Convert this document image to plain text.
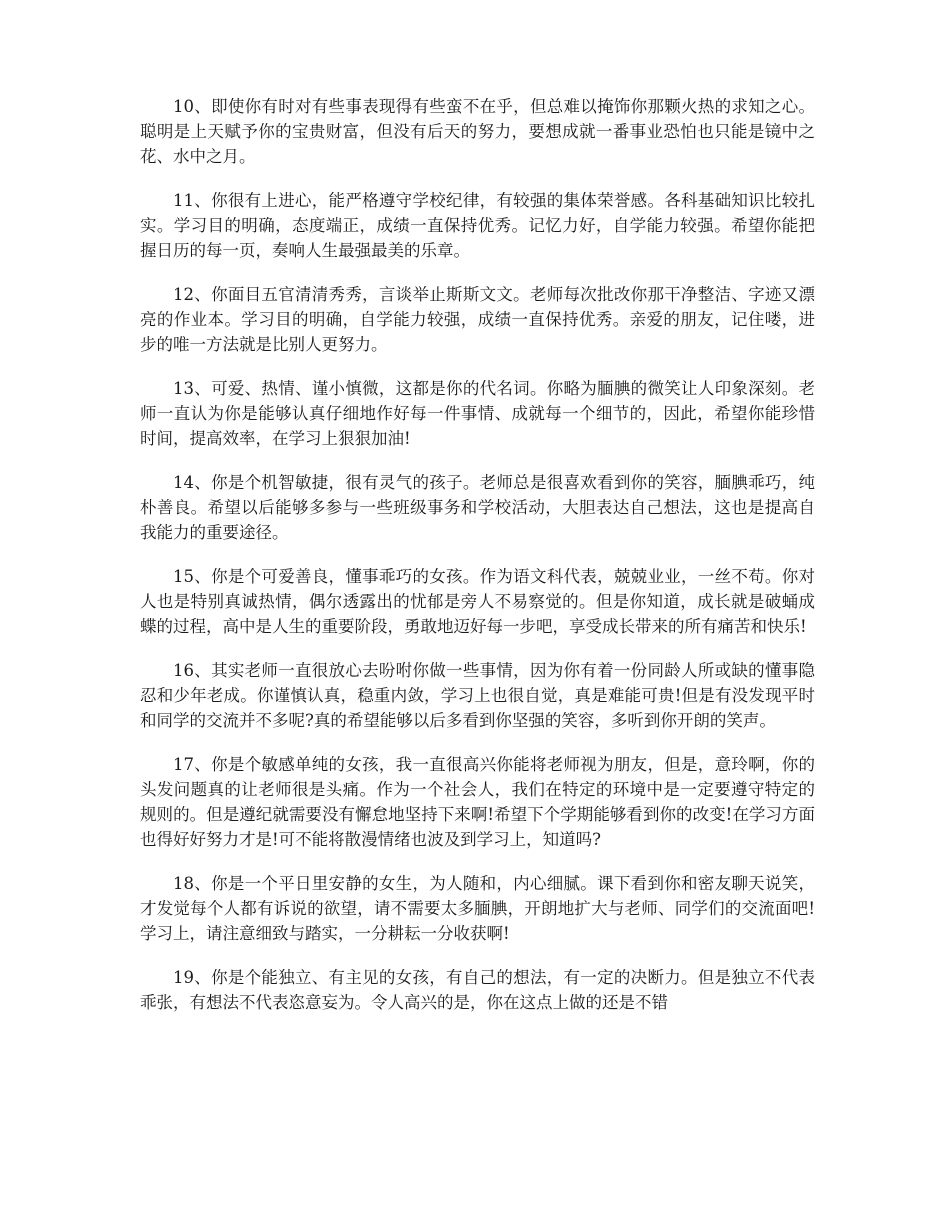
10、即使你有时对有些事表现得有些蛮不在乎，但总难以掩饰你那颗火热的求知之心。聪明是上天赋予你的宝贵财富，但没有后天的努力，要想成就一番事业恐怕也只能是镜中之花、水中之月。

11、你很有上进心，能严格遵守学校纪律，有较强的集体荣誉感。各科基础知识比较扎实。学习目的明确，态度端正，成绩一直保持优秀。记忆力好，自学能力较强。希望你能把握日历的每一页，奏响人生最强最美的乐章。

12、你面目五官清清秀秀，言谈举止斯斯文文。老师每次批改你那干净整洁、字迹又漂亮的作业本。学习目的明确，自学能力较强，成绩一直保持优秀。亲爱的朋友，记住喽，进步的唯一方法就是比别人更努力。

13、可爱、热情、谨小慎微，这都是你的代名词。你略为腼腆的微笑让人印象深刻。老师一直认为你是能够认真仔细地作好每一件事情、成就每一个细节的，因此，希望你能珍惜时间，提高效率，在学习上狠狠加油!

14、你是个机智敏捷，很有灵气的孩子。老师总是很喜欢看到你的笑容，腼腆乖巧，纯朴善良。希望以后能够多参与一些班级事务和学校活动，大胆表达自己想法，这也是提高自我能力的重要途径。

15、你是个可爱善良，懂事乖巧的女孩。作为语文科代表，兢兢业业，一丝不苟。你对人也是特别真诚热情，偶尔透露出的忧郁是旁人不易察觉的。但是你知道，成长就是破蛹成蝶的过程，高中是人生的重要阶段，勇敢地迈好每一步吧，享受成长带来的所有痛苦和快乐!

16、其实老师一直很放心去吩咐你做一些事情，因为你有着一份同龄人所或缺的懂事隐忍和少年老成。你谨慎认真，稳重内敛，学习上也很自觉，真是难能可贵!但是有没发现平时和同学的交流并不多呢?真的希望能够以后多看到你坚强的笑容，多听到你开朗的笑声。

17、你是个敏感单纯的女孩，我一直很高兴你能将老师视为朋友，但是，意玲啊，你的头发问题真的让老师很是头痛。作为一个社会人，我们在特定的环境中是一定要遵守特定的规则的。但是遵纪就需要没有懈怠地坚持下来啊!希望下个学期能够看到你的改变!在学习方面也得好好努力才是!可不能将散漫情绪也波及到学习上，知道吗?

18、你是一个平日里安静的女生，为人随和，内心细腻。课下看到你和密友聊天说笑，才发觉每个人都有诉说的欲望，请不需要太多腼腆，开朗地扩大与老师、同学们的交流面吧!学习上，请注意细致与踏实，一分耕耘一分收获啊!

19、你是个能独立、有主见的女孩，有自己的想法，有一定的决断力。但是独立不代表乖张，有想法不代表恣意妄为。令人高兴的是，你在这点上做的还是不错
